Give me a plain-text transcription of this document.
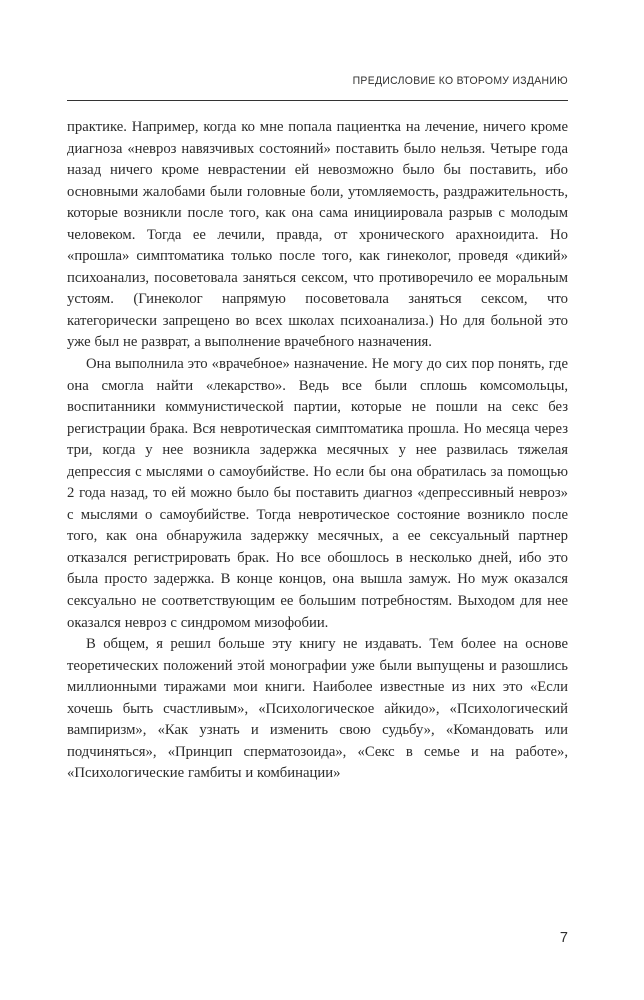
ПРЕДИСЛОВИЕ КО ВТОРОМУ ИЗДАНИЮ

практике. Например, когда ко мне попала пациентка на лечение, ничего кроме диагноза «невроз навязчивых состояний» поставить было нельзя. Четыре года назад ничего кроме неврастении ей невозможно было бы поставить, ибо основными жалобами были головные боли, утомляемость, раздражительность, которые возникли после того, как она сама инициировала разрыв с молодым человеком. Тогда ее лечили, правда, от хронического арахноидита. Но «прошла» симптоматика только после того, как гинеколог, проведя «дикий» психоанализ, посоветовала заняться сексом, что противоречило ее моральным устоям. (Гинеколог напрямую посоветовала заняться сексом, что категорически запрещено во всех школах психоанализа.) Но для больной это уже был не разврат, а выполнение врачебного назначения.

Она выполнила это «врачебное» назначение. Не могу до сих пор понять, где она смогла найти «лекарство». Ведь все были сплошь комсомольцы, воспитанники коммунистической партии, которые не пошли на секс без регистрации брака. Вся невротическая симптоматика прошла. Но месяца через три, когда у нее возникла задержка месячных у нее развилась тяжелая депрессия с мыслями о самоубийстве. Но если бы она обратилась за помощью 2 года назад, то ей можно было бы поставить диагноз «депрессивный невроз» с мыслями о самоубийстве. Тогда невротическое состояние возникло после того, как она обнаружила задержку месячных, а ее сексуальный партнер отказался регистрировать брак. Но все обошлось в несколько дней, ибо это была просто задержка. В конце концов, она вышла замуж. Но муж оказался сексуально не соответствующим ее большим потребностям. Выходом для нее оказался невроз с синдромом мизофобии.

В общем, я решил больше эту книгу не издавать. Тем более на основе теоретических положений этой монографии уже были выпущены и разошлись миллионными тиражами мои книги. Наиболее известные из них это «Если хочешь быть счастливым», «Психологическое айкидо», «Психологический вампиризм», «Как узнать и изменить свою судьбу», «Командовать или подчиняться», «Принцип сперматозоида», «Секс в семье и на работе», «Психологические гамбиты и комбинации»

7
